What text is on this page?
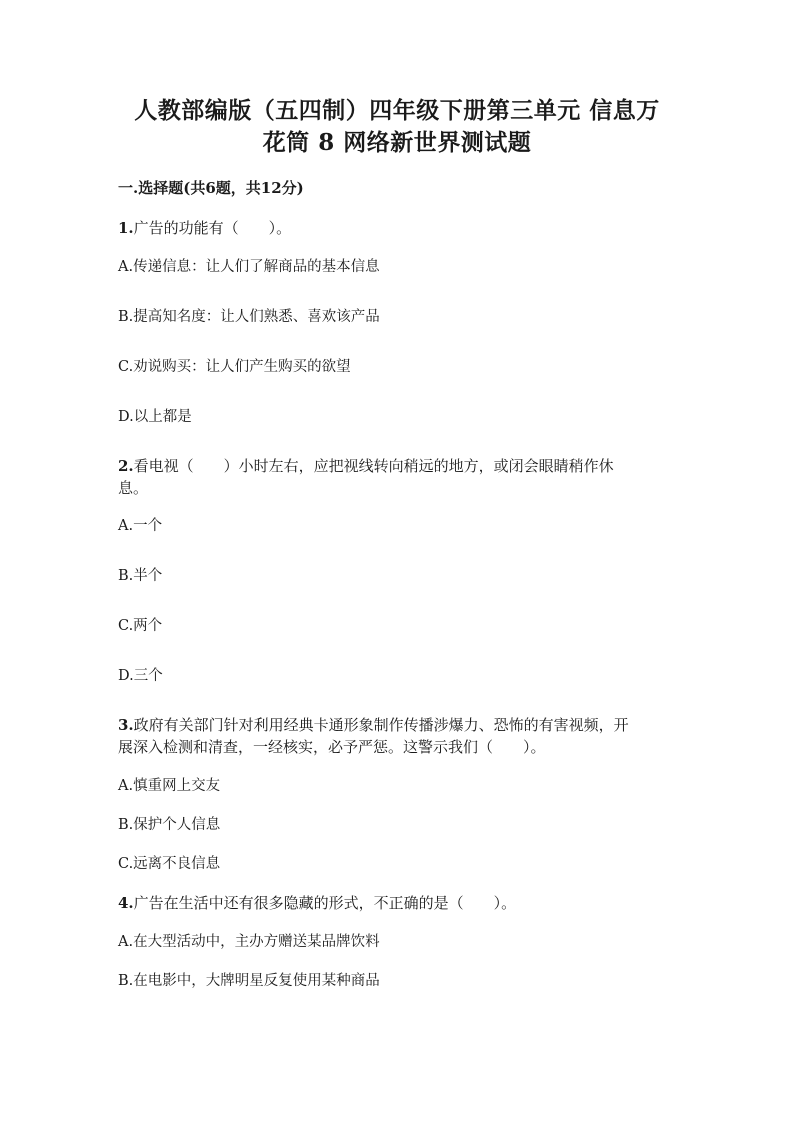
人教部编版（五四制）四年级下册第三单元 信息万
花筒 8 网络新世界测试题

一.选择题(共6题，共12分)

1.广告的功能有（　　）。

A.传递信息：让人们了解商品的基本信息

B.提高知名度：让人们熟悉、喜欢该产品

C.劝说购买：让人们产生购买的欲望

D.以上都是

2.看电视（　　）小时左右，应把视线转向稍远的地方，或闭会眼睛稍作休

息。

A.一个

B.半个

C.两个

D.三个

3.政府有关部门针对利用经典卡通形象制作传播涉爆力、恐怖的有害视频，开

展深入检测和清查，一经核实，必予严惩。这警示我们（　　）。

A.慎重网上交友

B.保护个人信息

C.远离不良信息

4.广告在生活中还有很多隐藏的形式，不正确的是（　　）。

A.在大型活动中，主办方赠送某品牌饮料

B.在电影中，大牌明星反复使用某种商品
